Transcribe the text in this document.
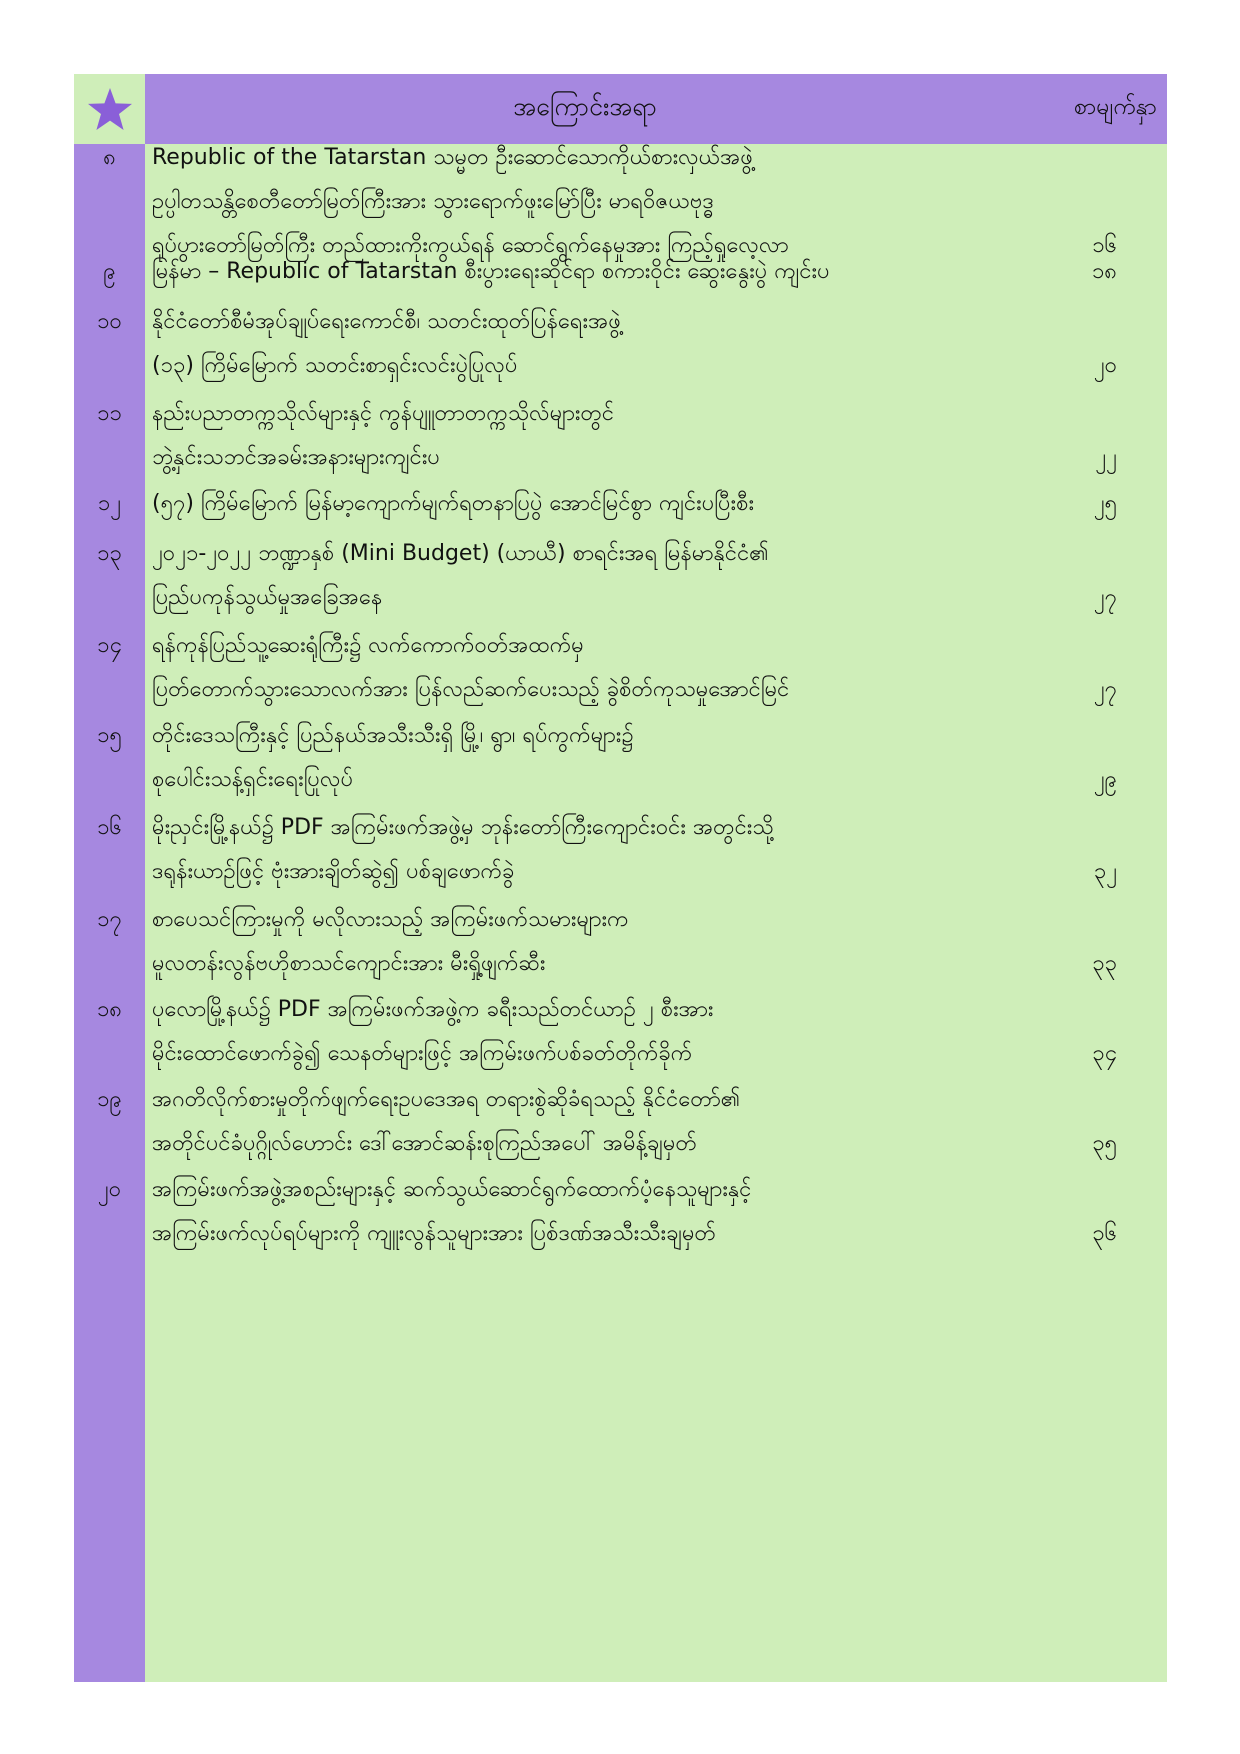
အကြောင်းအရာ	စာမျက်နှာ
၈	Republic of the Tatarstan သမ္မတ ဦးဆောင်သောကိုယ်စားလှယ်အဖွဲ့
ဥပ္ပါတသန္တိစေတီတော်မြတ်ကြီးအား သွားရောက်ဖူးမြော်ပြီး မာရဝိဇယဗုဒ္ဓ
ရုပ်ပွားတော်မြတ်ကြီး တည်ထားကိုးကွယ်ရန် ဆောင်ရွက်နေမှုအား ကြည့်ရှုလေ့လာ	၁၆
၉	မြန်မာ – Republic of Tatarstan စီးပွားရေးဆိုင်ရာ စကားဝိုင်း ဆွေးနွေးပွဲ ကျင်းပ	၁၈
၁၀	နိုင်ငံတော်စီမံအုပ်ချုပ်ရေးကောင်စီ၊ သတင်းထုတ်ပြန်ရေးအဖွဲ့
(၁၃) ကြိမ်မြောက် သတင်းစာရှင်းလင်းပွဲပြုလုပ်	၂၀
၁၁	နည်းပညာတက္ကသိုလ်များနှင့် ကွန်ပျူတာတက္ကသိုလ်များတွင်
ဘွဲ့နှင်းသဘင်အခမ်းအနားများကျင်းပ	၂၂
၁၂	(၅၇) ကြိမ်မြောက် မြန်မာ့ကျောက်မျက်ရတနာပြပွဲ အောင်မြင်စွာ ကျင်းပပြီးစီး	၂၅
၁၃	၂၀၂၁-၂၀၂၂ ဘဏ္ဍာနှစ် (Mini Budget) (ယာယီ) စာရင်းအရ မြန်မာနိုင်ငံ၏
ပြည်ပကုန်သွယ်မှုအခြေအနေ	၂၇
၁၄	ရန်ကုန်ပြည်သူ့ဆေးရုံကြီး၌ လက်ကောက်ဝတ်အထက်မှ
ပြတ်တောက်သွားသောလက်အား ပြန်လည်ဆက်ပေးသည့် ခွဲစိတ်ကုသမှုအောင်မြင်	၂၇
၁၅	တိုင်းဒေသကြီးနှင့် ပြည်နယ်အသီးသီးရှိ မြို့၊ ရွာ၊ ရပ်ကွက်များ၌
စုပေါင်းသန့်ရှင်းရေးပြုလုပ်	၂၉
၁၆	မိုးညှင်းမြို့နယ်၌ PDF အကြမ်းဖက်အဖွဲ့မှ ဘုန်းတော်ကြီးကျောင်းဝင်း အတွင်းသို့
ဒရုန်းယာဉ်ဖြင့် ဗုံးအားချိတ်ဆွဲ၍ ပစ်ချဖောက်ခွဲ	၃၂
၁၇	စာပေသင်ကြားမှုကို မလိုလားသည့် အကြမ်းဖက်သမားများက
မူလတန်းလွန်ဗဟိုစာသင်ကျောင်းအား မီးရှို့ဖျက်ဆီး	၃၃
၁၈	ပုလောမြို့နယ်၌ PDF အကြမ်းဖက်အဖွဲ့က ခရီးသည်တင်ယာဉ် ၂ စီးအား
မိုင်းထောင်ဖောက်ခွဲ၍ သေနတ်များဖြင့် အကြမ်းဖက်ပစ်ခတ်တိုက်ခိုက်	၃၄
၁၉	အဂတိလိုက်စားမှုတိုက်ဖျက်ရေးဥပဒေအရ တရားစွဲဆိုခံရသည့် နိုင်ငံတော်၏
အတိုင်ပင်ခံပုဂ္ဂိုလ်ဟောင်း ဒေါ်အောင်ဆန်းစုကြည်အပေါ် အမိန့်ချမှတ်	၃၅
၂၀	အကြမ်းဖက်အဖွဲ့အစည်းများနှင့် ဆက်သွယ်ဆောင်ရွက်ထောက်ပံ့နေသူများနှင့်
အကြမ်းဖက်လုပ်ရပ်များကို ကျူးလွန်သူများအား ပြစ်ဒဏ်အသီးသီးချမှတ်	၃၆
